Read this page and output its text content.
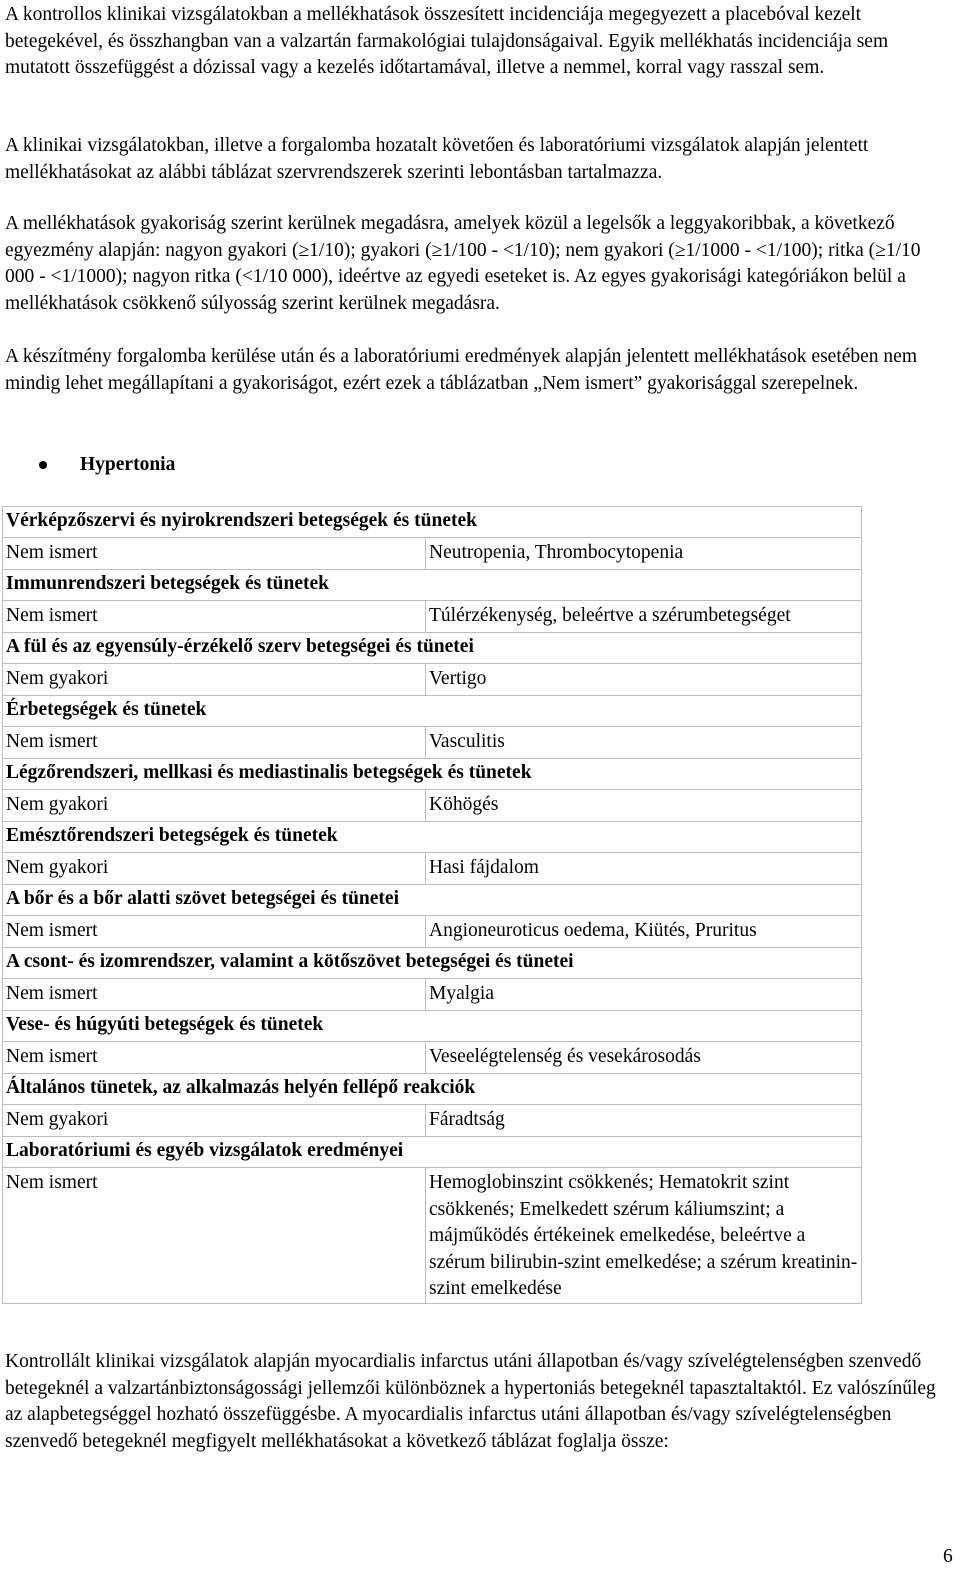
A kontrollos klinikai vizsgálatokban a mellékhatások összesített incidenciája megegyezett a placebóval kezelt betegekével, és összhangban van a valzartán farmakológiai tulajdonságaival. Egyik mellékhatás incidenciája sem mutatott összefüggést a dózissal vagy a kezelés időtartamával, illetve a nemmel, korral vagy rasszal sem.

A klinikai vizsgálatokban, illetve a forgalomba hozatalt követően és laboratóriumi vizsgálatok alapján jelentett mellékhatásokat az alábbi táblázat szervrendszerek szerinti lebontásban tartalmazza.

A mellékhatások gyakoriság szerint kerülnek megadásra, amelyek közül a legelsők a leggyakoribbak, a következő egyezmény alapján: nagyon gyakori (≥1/10); gyakori (≥1/100 - <1/10); nem gyakori (≥1/1000 - <1/100); ritka (≥1/10 000 - <1/1000); nagyon ritka (<1/10 000), ideértve az egyedi eseteket is. Az egyes gyakorisági kategóriákon belül a mellékhatások csökkenő súlyosság szerint kerülnek megadásra.

A készítmény forgalomba kerülése után és a laboratóriumi eredmények alapján jelentett mellékhatások esetében nem mindig lehet megállapítani a gyakoriságot, ezért ezek a táblázatban „Nem ismert” gyakorisággal szerepelnek.

Hypertonia
Vérképzőszervi és nyirokrendszeri betegségek és tünetek	
Nem ismert	Neutropenia, Thrombocytopenia
Immunrendszeri betegségek és tünetek	
Nem ismert	Túlérzékenység, beleértve a szérumbetegséget
A fül és az egyensúly-érzékelő szerv betegségei és tünetei	
Nem gyakori	Vertigo
Érbetegségek és tünetek	
Nem ismert	Vasculitis
Légzőrendszeri, mellkasi és mediastinalis betegségek és tünetek	
Nem gyakori	Köhögés
Emésztőrendszeri betegségek és tünetek	
Nem gyakori	Hasi fájdalom
A bőr és a bőr alatti szövet betegségei és tünetei	
Nem ismert	Angioneuroticus oedema, Kiütés, Pruritus
A csont- és izomrendszer, valamint a kötőszövet betegségei és tünetei	
Nem ismert	Myalgia
Vese- és húgyúti betegségek és tünetek	
Nem ismert	Veseelégtelenség és vesekárosodás
Általános tünetek, az alkalmazás helyén fellépő reakciók	
Nem gyakori	Fáradtság
Laboratóriumi és egyéb vizsgálatok eredményei	
Nem ismert	Hemoglobinszint csökkenés; Hematokrit szint csökkenés; Emelkedett szérum káliumszint; a májműködés értékeinek emelkedése, beleértve a szérum bilirubin-szint emelkedése; a szérum kreatinin-szint emelkedése

Kontrollált klinikai vizsgálatok alapján myocardialis infarctus utáni állapotban és/vagy szívelégtelenségben szenvedő betegeknél a valzartánbiztonságossági jellemzői különböznek a hypertoniás betegeknél tapasztaltaktól. Ez valószínűleg az alapbetegséggel hozható összefüggésbe. A myocardialis infarctus utáni állapotban és/vagy szívelégtelenségben szenvedő betegeknél megfigyelt mellékhatásokat a következő táblázat foglalja össze:

6
